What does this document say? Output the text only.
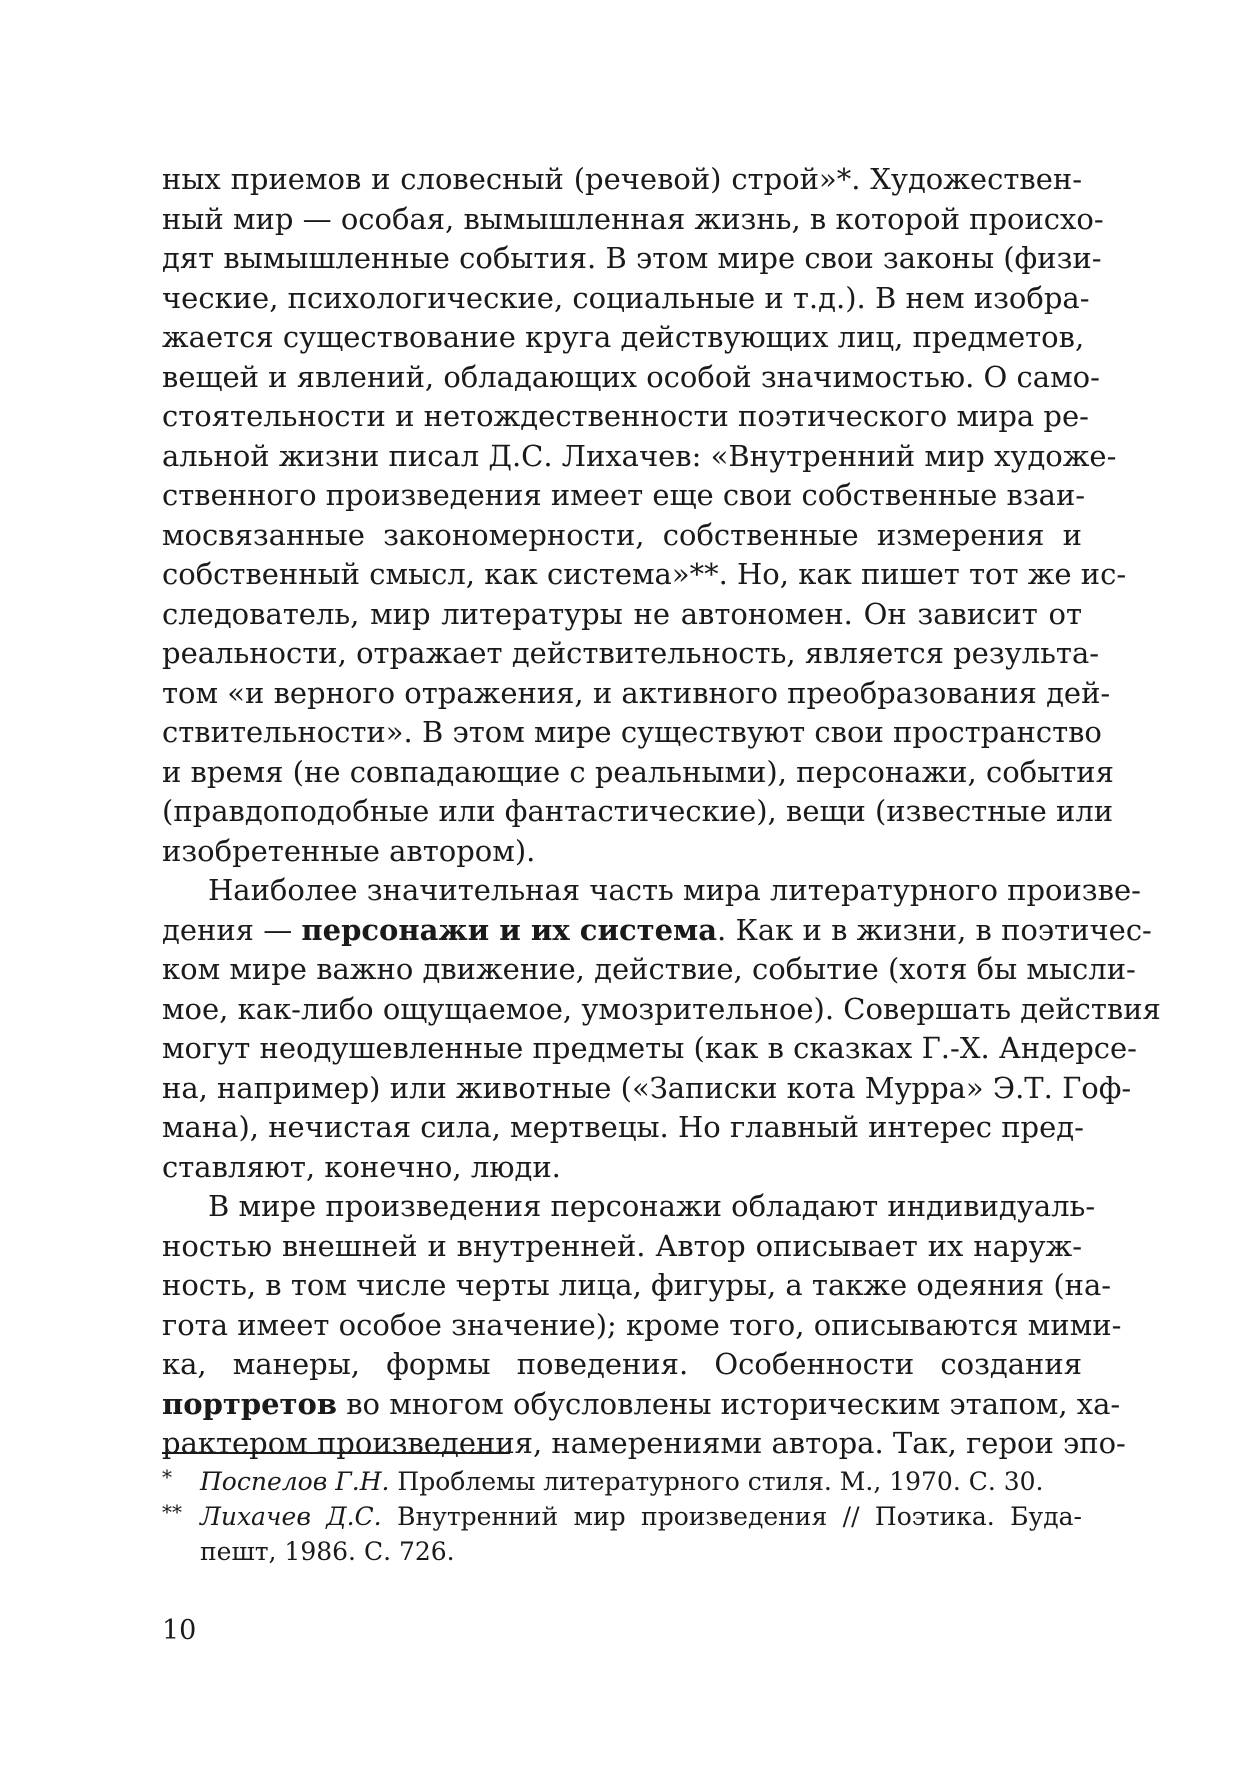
ных приемов и словесный (речевой) строй»*. Художествен-
ный мир — особая, вымышленная жизнь, в которой происхо-
дят вымышленные события. В этом мире свои законы (физи-
ческие, психологические, социальные и т.д.). В нем изобра-
жается существование круга действующих лиц, предметов,
вещей и явлений, обладающих особой значимостью. О само-
стоятельности и нетождественности поэтического мира ре-
альной жизни писал Д.С. Лихачев: «Внутренний мир художе-
ственного произведения имеет еще свои собственные взаи-
мосвязанные закономерности, собственные измерения и
собственный смысл, как система»**. Но, как пишет тот же ис-
следователь, мир литературы не автономен. Он зависит от
реальности, отражает действительность, является результа-
том «и верного отражения, и активного преобразования дей-
ствительности». В этом мире существуют свои пространство
и время (не совпадающие с реальными), персонажи, события
(правдоподобные или фантастические), вещи (известные или
изобретенные автором).
Наиболее значительная часть мира литературного произве-
дения — персонажи и их система. Как и в жизни, в поэтичес-
ком мире важно движение, действие, событие (хотя бы мысли-
мое, как-либо ощущаемое, умозрительное). Совершать действия
могут неодушевленные предметы (как в сказках Г.-Х. Андерсе-
на, например) или животные («Записки кота Мурра» Э.Т. Гоф-
мана), нечистая сила, мертвецы. Но главный интерес пред-
ставляют, конечно, люди.
В мире произведения персонажи обладают индивидуаль-
ностью внешней и внутренней. Автор описывает их наруж-
ность, в том числе черты лица, фигуры, а также одеяния (на-
гота имеет особое значение); кроме того, описываются мими-
ка, манеры, формы поведения. Особенности создания
портретов во многом обусловлены историческим этапом, ха-
рактером произведения, намерениями автора. Так, герои эпо-
* Поспелов Г.Н. Проблемы литературного стиля. М., 1970. С. 30.
** Лихачев Д.С. Внутренний мир произведения // Поэтика. Буда-
пешт, 1986. С. 726.
10
